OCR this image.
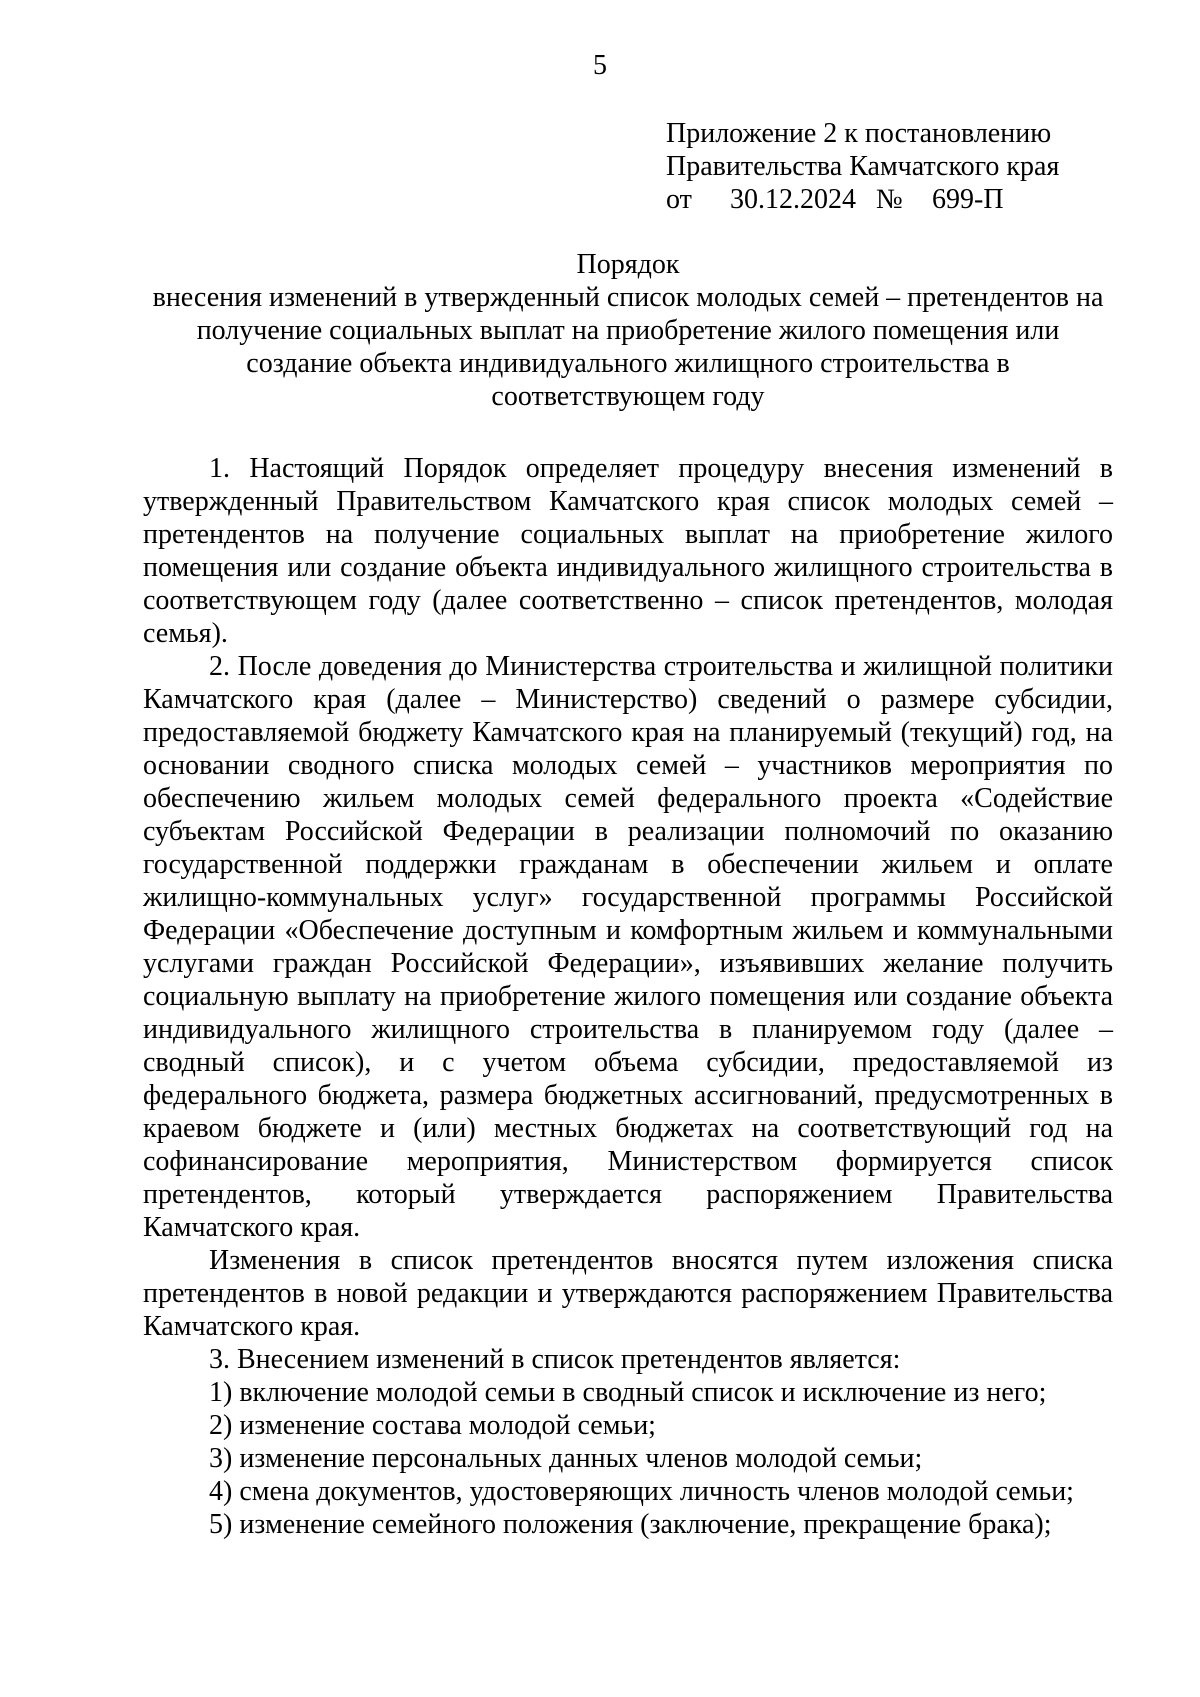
5
Приложение 2 к постановлению
Правительства Камчатского края
от 30.12.2024 № 699-П
Порядок
внесения изменений в утвержденный список молодых семей – претендентов на
получение социальных выплат на приобретение жилого помещения или
создание объекта индивидуального жилищного строительства в
соответствующем году

1. Настоящий Порядок определяет процедуру внесения изменений в утвержденный Правительством Камчатского края список молодых семей – претендентов на получение социальных выплат на приобретение жилого помещения или создание объекта индивидуального жилищного строительства в соответствующем году (далее соответственно – список претендентов, молодая семья).

2. После доведения до Министерства строительства и жилищной политики Камчатского края (далее – Министерство) сведений о размере субсидии, предоставляемой бюджету Камчатского края на планируемый (текущий) год, на основании сводного списка молодых семей – участников мероприятия по обеспечению жильем молодых семей федерального проекта «Содействие субъектам Российской Федерации в реализации полномочий по оказанию государственной поддержки гражданам в обеспечении жильем и оплате жилищно-коммунальных услуг» государственной программы Российской Федерации «Обеспечение доступным и комфортным жильем и коммунальными услугами граждан Российской Федерации», изъявивших желание получить социальную выплату на приобретение жилого помещения или создание объекта индивидуального жилищного строительства в планируемом году (далее – сводный список), и с учетом объема субсидии, предоставляемой из федерального бюджета, размера бюджетных ассигнований, предусмотренных в краевом бюджете и (или) местных бюджетах на соответствующий год на софинансирование мероприятия, Министерством формируется список претендентов, который утверждается распоряжением Правительства Камчатского края.

Изменения в список претендентов вносятся путем изложения списка претендентов в новой редакции и утверждаются распоряжением Правительства Камчатского края.

3. Внесением изменений в список претендентов является:

1) включение молодой семьи в сводный список и исключение из него;

2) изменение состава молодой семьи;

3) изменение персональных данных членов молодой семьи;

4) смена документов, удостоверяющих личность членов молодой семьи;

5) изменение семейного положения (заключение, прекращение брака);
